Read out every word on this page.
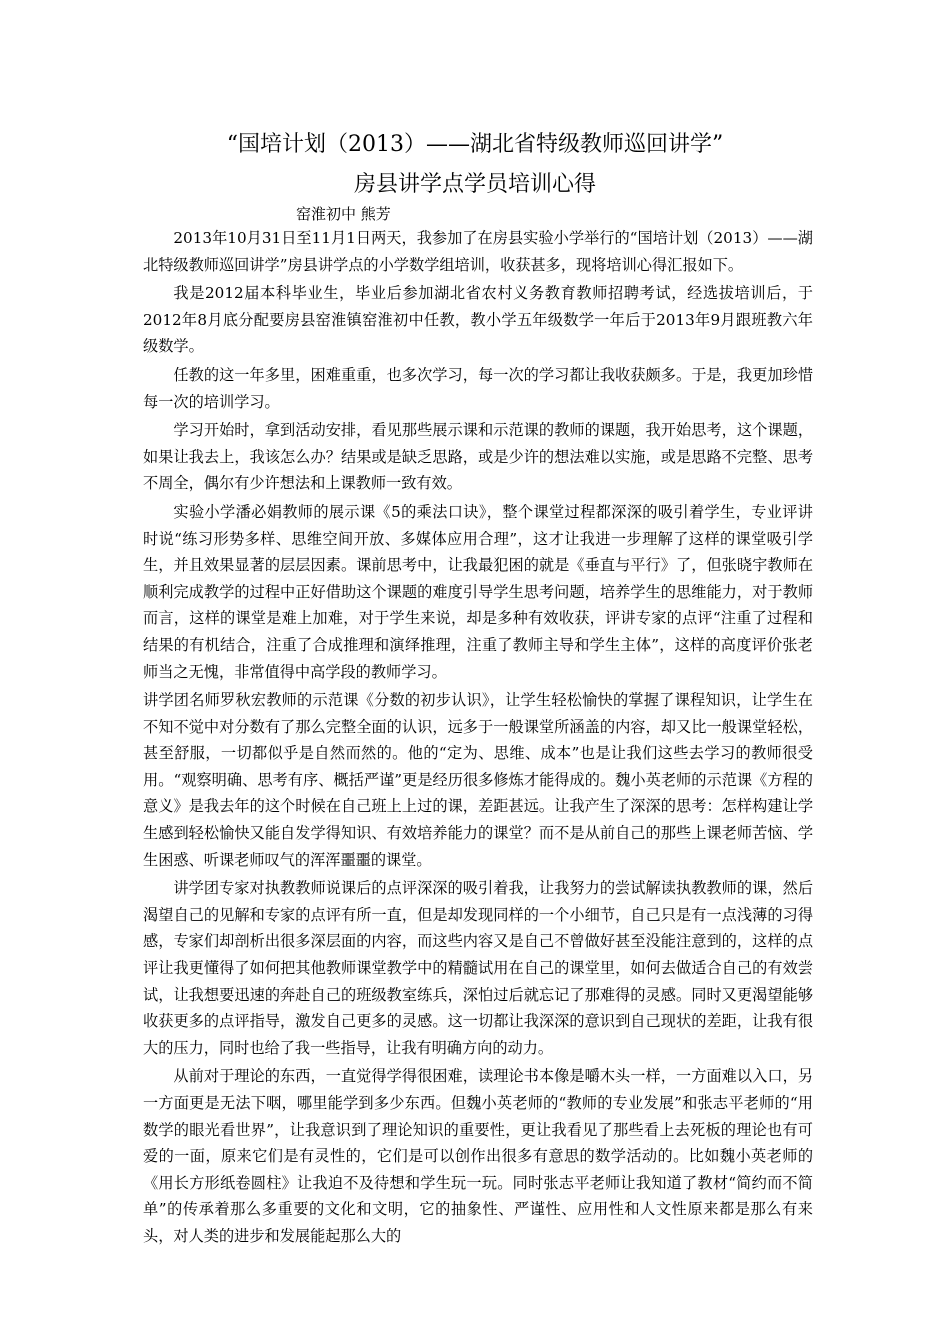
“国培计划（2013）——湖北省特级教师巡回讲学”
房县讲学点学员培训心得
窑淮初中 熊芳

2013年10月31日至11月1日两天，我参加了在房县实验小学举行的“国培计划（2013）——湖北特级教师巡回讲学”房县讲学点的小学数学组培训，收获甚多，现将培训心得汇报如下。

我是2012届本科毕业生，毕业后参加湖北省农村义务教育教师招聘考试，经选拔培训后，于2012年8月底分配要房县窑淮镇窑淮初中任教，教小学五年级数学一年后于2013年9月跟班教六年级数学。

任教的这一年多里，困难重重，也多次学习，每一次的学习都让我收获颇多。于是，我更加珍惜每一次的培训学习。

学习开始时，拿到活动安排，看见那些展示课和示范课的教师的课题，我开始思考，这个课题，如果让我去上，我该怎么办？结果或是缺乏思路，或是少许的想法难以实施，或是思路不完整、思考不周全，偶尔有少许想法和上课教师一致有效。

实验小学潘必娟教师的展示课《5的乘法口诀》，整个课堂过程都深深的吸引着学生，专业评讲时说“练习形势多样、思维空间开放、多媒体应用合理”，这才让我进一步理解了这样的课堂吸引学生，并且效果显著的层层因素。课前思考中，让我最犯困的就是《垂直与平行》了，但张晓宇教师在顺利完成教学的过程中正好借助这个课题的难度引导学生思考问题，培养学生的思维能力，对于教师而言，这样的课堂是难上加难，对于学生来说，却是多种有效收获，评讲专家的点评“注重了过程和结果的有机结合，注重了合成推理和演绎推理，注重了教师主导和学生主体”，这样的高度评价张老师当之无愧，非常值得中高学段的教师学习。

讲学团名师罗秋宏教师的示范课《分数的初步认识》，让学生轻松愉快的掌握了课程知识，让学生在不知不觉中对分数有了那么完整全面的认识，远多于一般课堂所涵盖的内容，却又比一般课堂轻松，甚至舒服，一切都似乎是自然而然的。他的“定为、思维、成本”也是让我们这些去学习的教师很受用。“观察明确、思考有序、概括严谨”更是经历很多修炼才能得成的。魏小英老师的示范课《方程的意义》是我去年的这个时候在自己班上上过的课，差距甚远。让我产生了深深的思考：怎样构建让学生感到轻松愉快又能自发学得知识、有效培养能力的课堂？而不是从前自己的那些上课老师苦恼、学生困惑、听课老师叹气的浑浑噩噩的课堂。

讲学团专家对执教教师说课后的点评深深的吸引着我，让我努力的尝试解读执教教师的课，然后渴望自己的见解和专家的点评有所一直，但是却发现同样的一个小细节，自己只是有一点浅薄的习得感，专家们却剖析出很多深层面的内容，而这些内容又是自己不曾做好甚至没能注意到的，这样的点评让我更懂得了如何把其他教师课堂教学中的精髓试用在自己的课堂里，如何去做适合自己的有效尝试，让我想要迅速的奔赴自己的班级教室练兵，深怕过后就忘记了那难得的灵感。同时又更渴望能够收获更多的点评指导，激发自己更多的灵感。这一切都让我深深的意识到自己现状的差距，让我有很大的压力，同时也给了我一些指导，让我有明确方向的动力。

从前对于理论的东西，一直觉得学得很困难，读理论书本像是嚼木头一样，一方面难以入口，另一方面更是无法下咽，哪里能学到多少东西。但魏小英老师的“教师的专业发展”和张志平老师的“用数学的眼光看世界”，让我意识到了理论知识的重要性，更让我看见了那些看上去死板的理论也有可爱的一面，原来它们是有灵性的，它们是可以创作出很多有意思的数学活动的。比如魏小英老师的《用长方形纸卷圆柱》让我迫不及待想和学生玩一玩。同时张志平老师让我知道了教材“简约而不简单”的传承着那么多重要的文化和文明，它的抽象性、严谨性、应用性和人文性原来都是那么有来头，对人类的进步和发展能起那么大的
